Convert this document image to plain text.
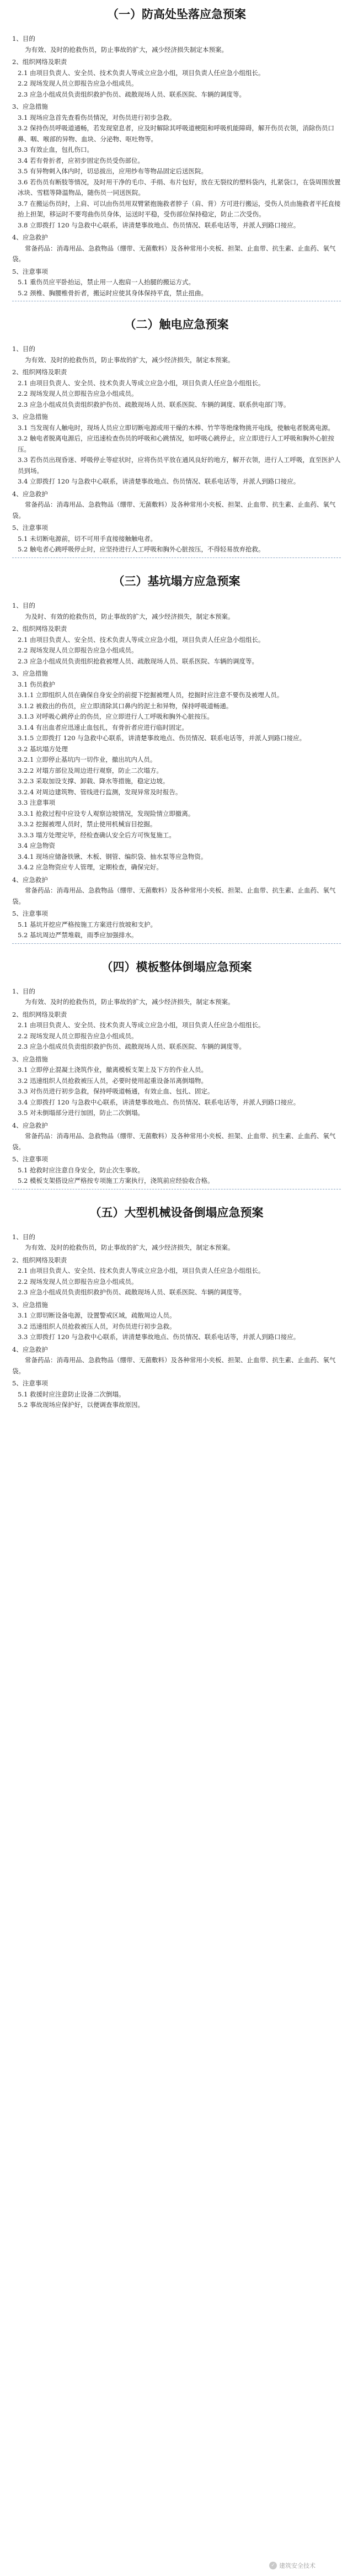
（一）防高处坠落应急预案

1、目的

为有效、及时的抢救伤员，防止事故的扩大，减少经济损失制定本预案。

2、组织网络及职责

2.1 由项目负责人、安全员、技术负责人等成立应急小组，项目负责人任应急小组组长。

2.2 现场发现人员立即报告应急小组成员。

2.3 应急小组成员负责组织救护伤员、疏散现场人员、联系医院、车辆的调度等。

3、应急措施

3.1 现场应急首先查看伤员情况，对伤员进行初步急救。

3.2 保持伤员呼吸道通畅，若发现窒息者，应及时解除其呼吸道梗阻和呼吸机能障碍，解开伤员衣领，消除伤员口鼻、咽、喉部的异物、血块、分泌物、呕吐物等。

3.3 有效止血，包扎伤口。

3.4 若有骨折者，应初步固定伤员受伤部位。

3.5 有异物刺入体内时，切忌拔出，应用纱布等物品固定后送医院。

3.6 若伤员有断肢等情况，及时用干净的毛巾、手绢、布片包好，放在无裂纹的塑料袋内，扎紧袋口，在袋周围放置冰块、雪糕等降温物品，随伤员一同送医院。

3.7 在搬运伤员时，上肩、可以由伤员用双臂紧抱施救者脖子（肩、背）方可进行搬运，受伤人员由施救者平托直接抬上担架，移运时不要弯曲伤员身体，运送时平稳，受伤部位保持稳定，防止二次受伤。

3.8 立即拨打 120 与急救中心联系，讲清楚事故地点、伤员情况、联系电话等，并派人到路口接应。

4、应急救护

常备药品：消毒用品、急救物品（绷带、无菌敷料）及各种常用小夹板、担架、止血带、抗生素、止血药、氧气袋。

5、注意事项

5.1 重伤员应平卧抬运，禁止用一人抱肩一人抬腿的搬运方式。

5.2 颈椎、胸腰椎骨折者，搬运时应使其身体保持平直，禁止扭曲。

（二）触电应急预案

1、目的

为有效、及时的抢救伤员，防止事故的扩大，减少经济损失，制定本预案。

2、组织网络及职责

2.1 由项目负责人、安全员、技术负责人等成立应急小组，项目负责人任应急小组组长。

2.2 现场发现人员立即报告应急小组成员。

2.3 应急小组成员负责组织救护伤员、疏散现场人员、联系医院、车辆的调度、联系供电部门等。

3、应急措施

3.1 当发现有人触电时，现场人员应立即切断电源或用干燥的木棒、竹竿等绝缘物挑开电线，使触电者脱离电源。

3.2 触电者脱离电源后，应迅速检查伤员的呼吸和心跳情况，如呼吸心跳停止，应立即进行人工呼吸和胸外心脏按压。

3.3 若伤员出现昏迷、呼吸停止等症状时，应将伤员平放在通风良好的地方，解开衣领，进行人工呼吸，直至医护人员到场。

3.4 立即拨打 120 与急救中心联系，讲清楚事故地点、伤员情况、联系电话等，并派人到路口接应。

4、应急救护

常备药品：消毒用品、急救物品（绷带、无菌敷料）及各种常用小夹板、担架、止血带、抗生素、止血药、氧气袋。

5、注意事项

5.1 未切断电源前，切不可用手直接接触触电者。

5.2 触电者心跳呼吸停止时，应坚持进行人工呼吸和胸外心脏按压，不得轻易放弃抢救。

（三）基坑塌方应急预案

1、目的

为及时、有效的抢救伤员，防止事故的扩大，减少经济损失，制定本预案。

2、组织网络及职责

2.1 由项目负责人、安全员、技术负责人等成立应急小组，项目负责人任应急小组组长。

2.2 现场发现人员立即报告应急小组成员。

2.3 应急小组成员负责组织抢救被埋人员、疏散现场人员、联系医院、车辆的调度等。

3、应急措施

3.1 伤员救护

3.1.1 立即组织人员在确保自身安全的前提下挖掘被埋人员，挖掘时应注意不要伤及被埋人员。

3.1.2 被救出的伤员，应立即清除其口鼻内的泥土和异物，保持呼吸道畅通。

3.1.3 对呼吸心跳停止的伤员，应立即进行人工呼吸和胸外心脏按压。

3.1.4 有出血者应迅速止血包扎，有骨折者应进行临时固定。

3.1.5 立即拨打 120 与急救中心联系，讲清楚事故地点、伤员情况、联系电话等，并派人到路口接应。

3.2 基坑塌方处理

3.2.1 立即停止基坑内一切作业，撤出坑内人员。

3.2.2 对塌方部位及周边进行观察，防止二次塌方。

3.2.3 采取加设支撑、卸载、降水等措施，稳定边坡。

3.2.4 对周边建筑物、管线进行监测，发现异常及时报告。

3.3 注意事项

3.3.1 抢救过程中应设专人观察边坡情况，发现险情立即撤离。

3.3.2 挖掘被埋人员时，禁止使用机械盲目挖掘。

3.3.3 塌方处理完毕，经检查确认安全后方可恢复施工。

3.4 应急物资

3.4.1 现场应储备铁锹、木板、钢管、编织袋、抽水泵等应急物资。

3.4.2 应急物资应专人管理，定期检查，确保完好。

4、应急救护

常备药品：消毒用品、急救物品（绷带、无菌敷料）及各种常用小夹板、担架、止血带、抗生素、止血药、氧气袋。

5、注意事项

5.1 基坑开挖应严格按施工方案进行放坡和支护。

5.2 基坑周边严禁堆载，雨季应加强排水。

（四）模板整体倒塌应急预案

1、目的

为有效、及时的抢救伤员，防止事故的扩大，减少经济损失，制定本预案。

2、组织网络及职责

2.1 由项目负责人、安全员、技术负责人等成立应急小组，项目负责人任应急小组组长。

2.2 现场发现人员立即报告应急小组成员。

2.3 应急小组成员负责组织救护伤员、疏散现场人员、联系医院、车辆的调度等。

3、应急措施

3.1 立即停止混凝土浇筑作业，撤离模板支架上及下方的作业人员。

3.2 迅速组织人员抢救被压人员，必要时使用起重设备吊离倒塌物。

3.3 对伤员进行初步急救，保持呼吸道畅通，有效止血、包扎、固定。

3.4 立即拨打 120 与急救中心联系，讲清楚事故地点、伤员情况、联系电话等，并派人到路口接应。

3.5 对未倒塌部分进行加固，防止二次倒塌。

4、应急救护

常备药品：消毒用品、急救物品（绷带、无菌敷料）及各种常用小夹板、担架、止血带、抗生素、止血药、氧气袋。

5、注意事项

5.1 抢救时应注意自身安全，防止次生事故。

5.2 模板支架搭设应严格按专项施工方案执行，浇筑前应经验收合格。

（五）大型机械设备倒塌应急预案

1、目的

为有效、及时的抢救伤员，防止事故的扩大，减少经济损失，制定本预案。

2、组织网络及职责

2.1 由项目负责人、安全员、技术负责人等成立应急小组，项目负责人任应急小组组长。

2.2 现场发现人员立即报告应急小组成员。

2.3 应急小组成员负责组织救护伤员、疏散现场人员、联系医院、车辆的调度等。

3、应急措施

3.1 立即切断设备电源，设置警戒区域，疏散周边人员。

3.2 迅速组织人员抢救被压人员，对伤员进行初步急救。

3.3 立即拨打 120 与急救中心联系，讲清楚事故地点、伤员情况、联系电话等，并派人到路口接应。

4、应急救护

常备药品：消毒用品、急救物品（绷带、无菌敷料）及各种常用小夹板、担架、止血带、抗生素、止血药、氧气袋。

5、注意事项

5.1 救援时应注意防止设备二次倒塌。

5.2 事故现场应保护好，以便调查事故原因。

✓ 建筑安全技术
